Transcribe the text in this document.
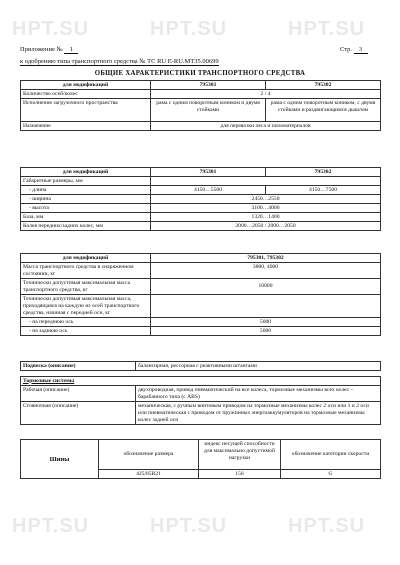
HPT.SU	HPT.SU	HPT.SU
HPT.SU	HPT.SU	HPT.SU
Приложение № 1	Стр. 3
к одобрению типа транспортного средства № TC RU E-RU.MT35.00699
ОБЩИЕ ХАРАКТЕРИСТИКИ ТРАНСПОРТНОГО СРЕДСТВА
для модификаций	795301	795302
Количество осей/колес	2 / 4	
Исполнение загрузочного пространства	рама с одним поворотным коником и двумя стойками	рама с одним поворотным коником, с двумя стойками и раздвигающимся дышлом
Назначение	для перевозки леса и пиломатериалов	
для модификаций	795301	795302
Габаритные размеры, мм		
- длина	4150…5500	4150…7500
- ширина	2450…2550	
- высота	3100…4000	
База, мм	1320…1400	
Колея передних/задних колес, мм	2000…2050 / 2000…2050	
для модификаций	795301, 795302
Масса транспортного средства в снаряженном состоянии, кг	3800, 4000
Технически допустимая максимальная масса транспортного средства, кг	10000
Технически допустимая максимальная масса, приходящаяся на каждую из осей транспортного средства, начиная с передней оси, кг	
- на переднюю ось	5000
- на заднюю ось	5000
Подвеска (описание)	балансирная, рессорная с реактивными штангами
Тормозные системы	
Рабочая (описание)	двухпроводная, привод пневматический на все колеса, тормозные механизмы всех колес – барабанного типа (с ABS)
Стояночная (описание)	механическая, с ручным винтовым приводом на тормозные механизмы колес 2 оси или 1 и 2 оси или пневматическая с приводом от пружинных энергоаккумуляторов на тормозные механизмы колес задней оси
Шины	обозначение размера	индекс несущей способности для максимально допустимой нагрузки	обозначение категории скорости
	425/85R21	156	G
